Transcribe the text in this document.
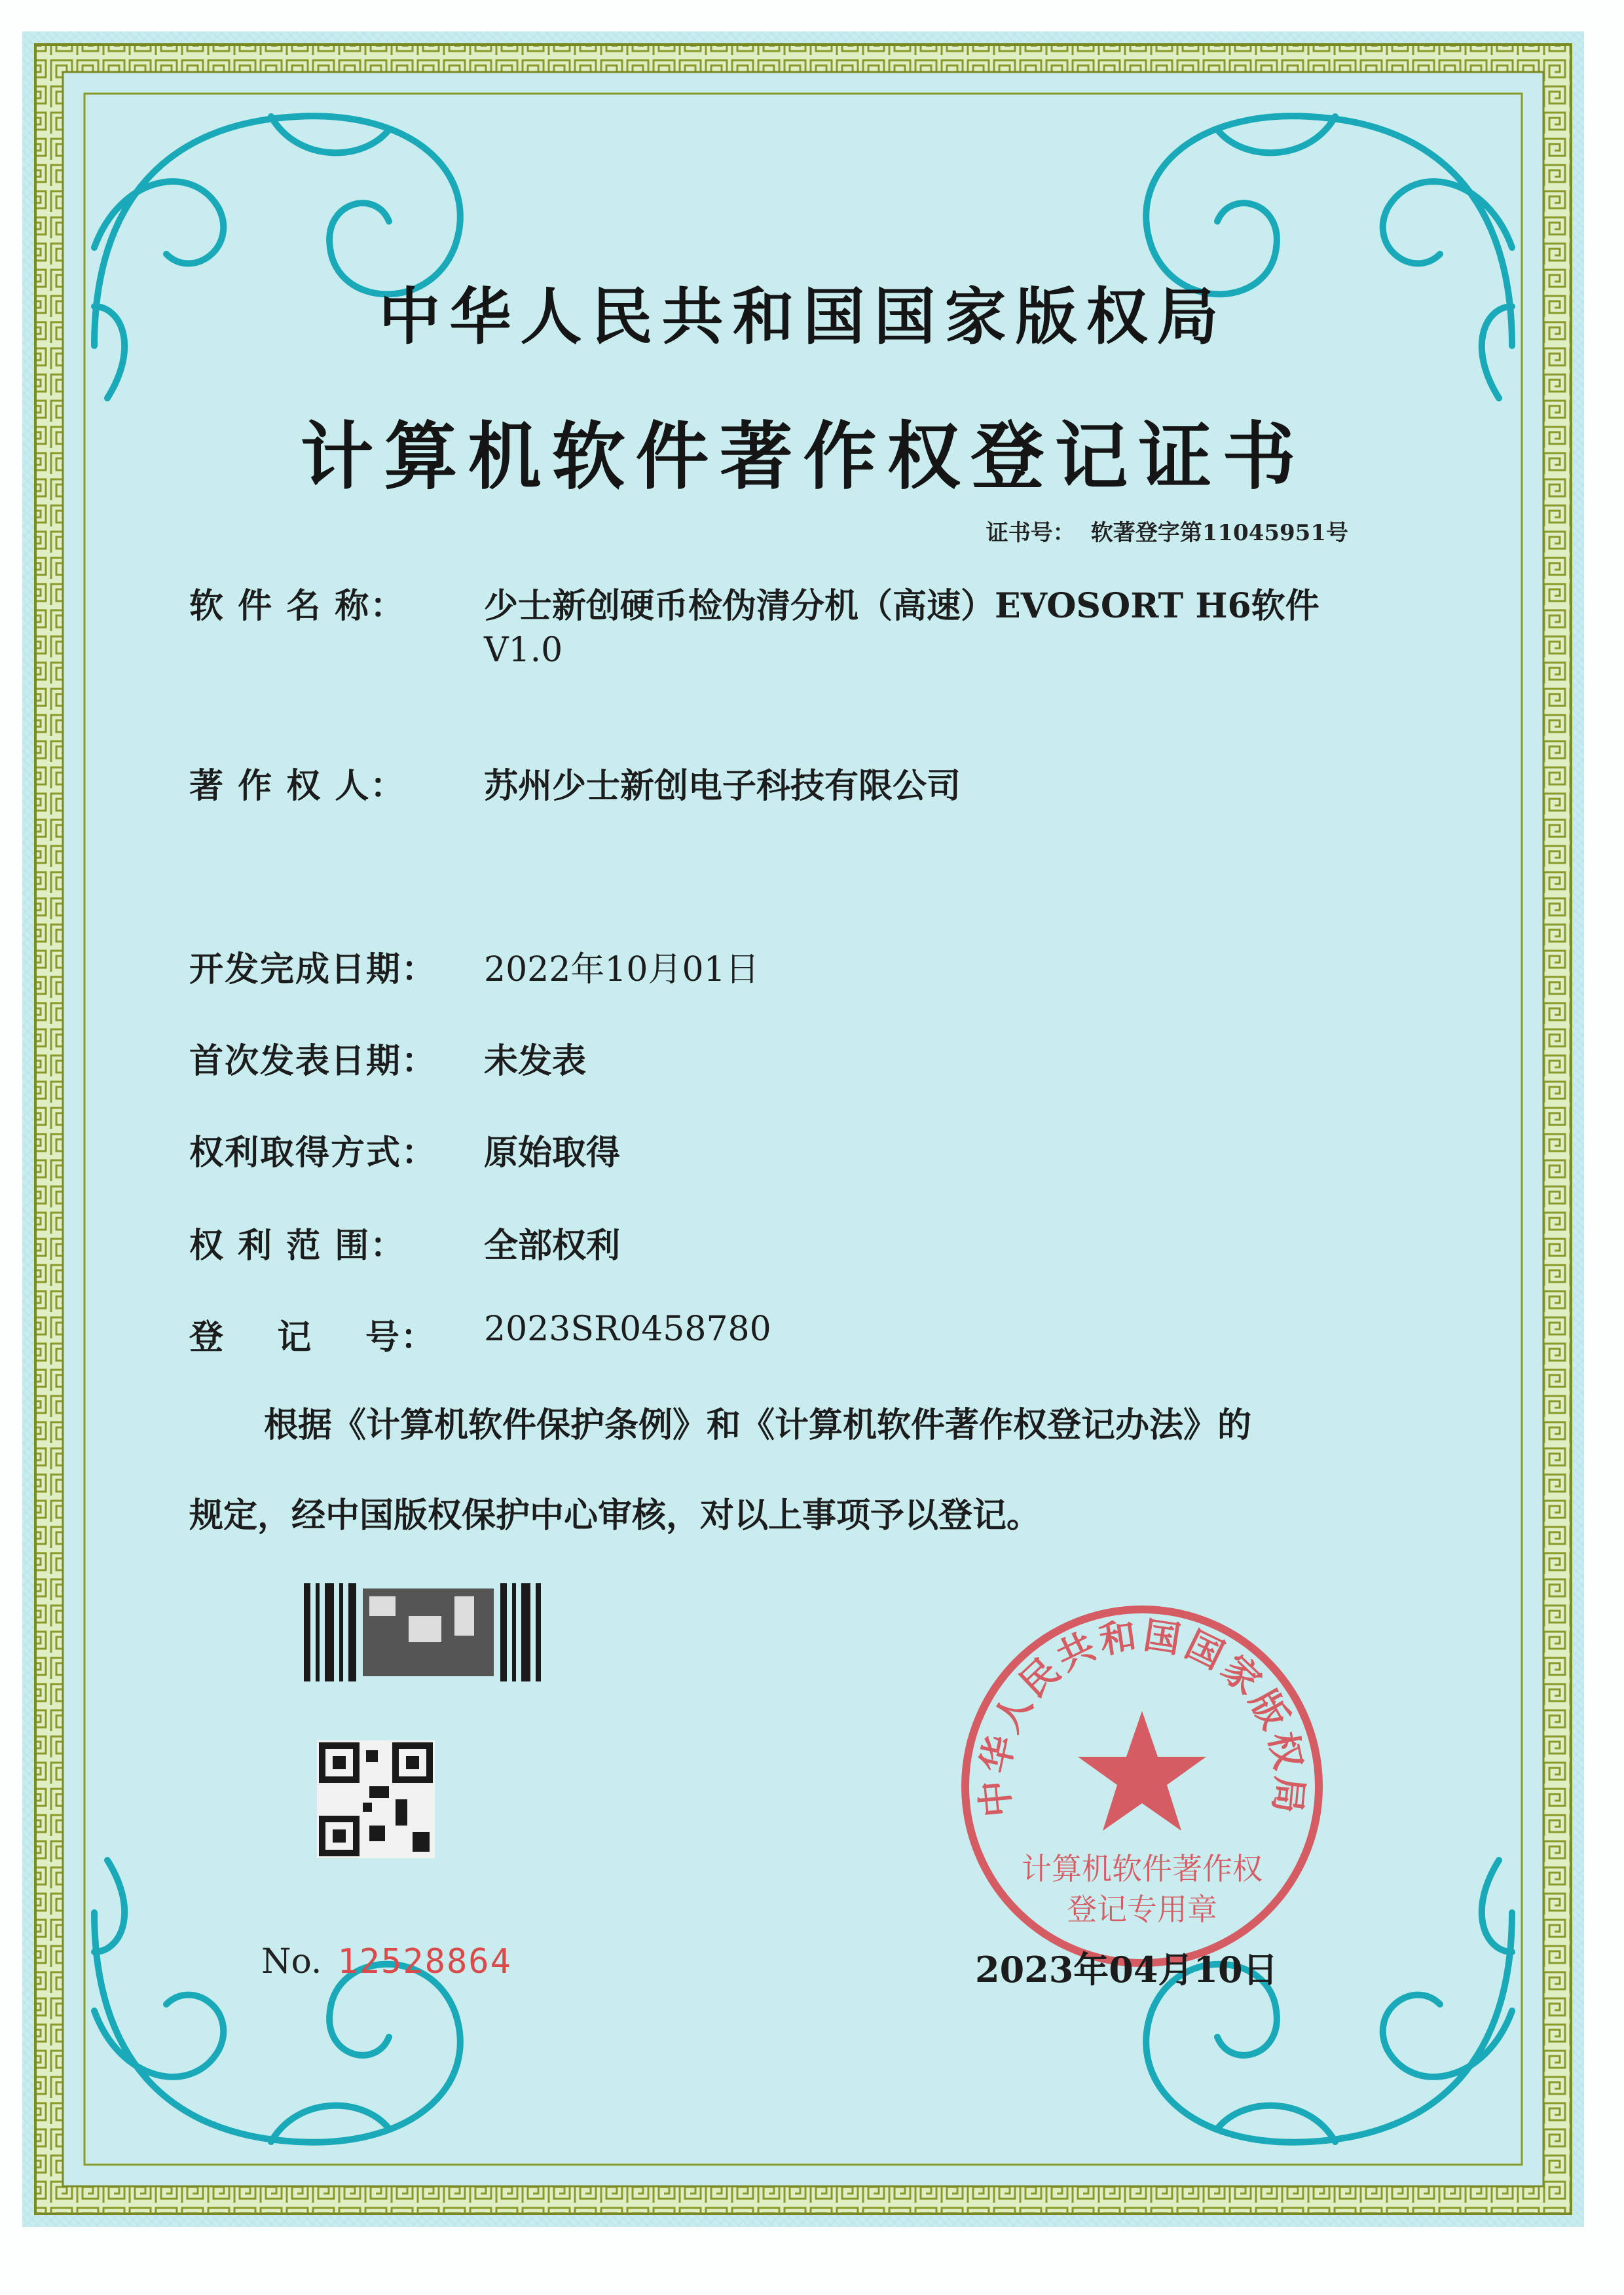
中华人民共和国国家版权局
计算机软件著作权登记证书
证书号： 软著登字第11045951号
软 件 名 称： 少士新创硬币检伪清分机（高速）EVOSORT H6软件
V1.0
著 作 权 人： 苏州少士新创电子科技有限公司
开发完成日期： 2022年10月01日
首次发表日期： 未发表
权利取得方式： 原始取得
权 利 范 围： 全部权利
登    记    号： 2023SR0458780
根据《计算机软件保护条例》和《计算机软件著作权登记办法》的
规定，经中国版权保护中心审核，对以上事项予以登记。
中华人民共和国国家版权局
计算机软件著作权
登记专用章
No. 12528864	2023年04月10日
